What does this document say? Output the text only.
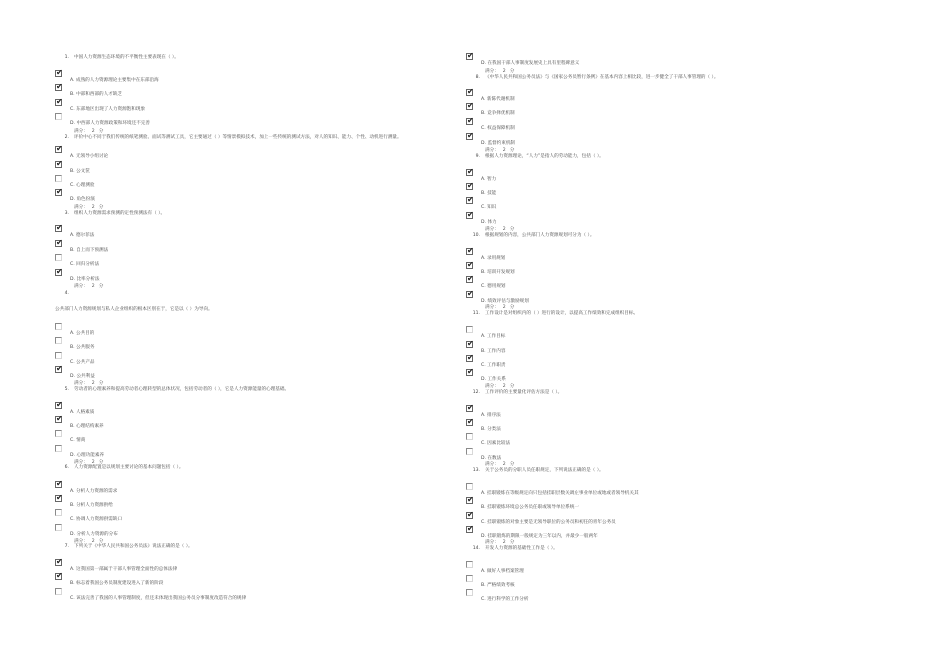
1. 中国人力资源生态环境的不平衡性主要表现在（ ）。
✔
A. 成熟的人力资源理论主要集中在东部沿海
✔
B. 中部和西部的人才缺乏
✔
C. 东部地区出现了人力资源饱和现象
D. 中西部人力资源政策和环境还不完善
满分： 2 分
2. 评价中心不同于我们传统的纸笔测验、面试等测试工具，它主要通过（ ）等情景模拟技术，加上一些传统的测试方法，对人的知识、能力、个性、动机进行测量。
✔
A. 无领导小组讨论
✔
B. 公文筐
C. 心理测验
✔
D. 角色扮演
满分： 2 分
3. 组织人力资源需求预测的定性预测法有（ ）。
✔
A. 德尔菲法
✔
B. 自上而下预测法
C. 回归分析法
✔
D. 比率分析法
满分： 2 分
4.
公共部门人力资源规划与私人企业组织的根本区别在于，它是以（ ）为导向。
A. 公共目的
B. 公共服务
C. 公共产品
✔
D. 公共利益
满分： 2 分
5. 劳动者的心理素养和提高劳动者心理转型的总体状况，包括劳动者的（ ），它是人力资源能量的心理基础。
✔
A. 人格素质
✔
B. 心理结构素养
C. 情商
D. 心理功能素养
满分： 2 分
6. 人力资源配置是以规划主要讨论的基本问题包括（ ）。
✔
A. 分析人力资源的需求
✔
B. 分析人力资源供给
C. 协调人力资源供需缺口
D. 分析人力资源的分布
满分： 2 分
7. 下列关于《中华人民共和国公务员法》说法正确的是（ ）。
✔
A. 这我国第一部属于干部人事管理全面性的总体法律
✔
B. 标志着我国公务员制度建设进入了新的阶段
C. 该法完善了我国的人事管理制度，但还未体现出我国公务员分事制度改造符合的规律
✔
D. 在我国干部人事制度发展史上具有里程碑意义
满分： 2 分
8. 《中华人民共和国公务员法》与《国家公务员暂行条例》在基本内容上相比较，进一步健全了干部人事管理的（ ）。
✔
A. 新陈代谢机制
✔
B. 竞争择优机制
✔
C. 权益保障机制
✔
D. 监督约束机制
满分： 2 分
9. 根据人力资源理论，“人力”是指人的劳动能力，包括（ ）。
✔
A. 智力
✔
B. 技能
✔
C. 知识
✔
D. 体力
满分： 2 分
10. 根据规划的内容，公共部门人力资源规划可分为（ ）。
✔
A. 录用规划
✔
B. 培训开发规划
✔
C. 德用规划
✔
D. 绩效评估与激励规划
满分： 2 分
11. 工作设计是对组织内的（ ）进行的设计，以提高工作绩效和完成组织目标。
A. 工作目标
✔
B. 工作内容
✔
C. 工作职责
✔
D. 工作关系
满分： 2 分
12. 工作评价的主要量化评估方法是（ ）。
✔
A. 排序法
✔
B. 分类法
C. 因素比较法
D. 在数法
满分： 2 分
13. 关于公务员的分职人员任职规定，下列说法正确的是（ ）。
A. 挂职锻炼在等级规定向只包括挂职层数关调左事业单位或地或者领导机关其
✔
B. 挂职锻炼环境总公务员任职或领导单位系统一
✔
C. 挂职锻炼的对象主要是无领导职位的公务员和初任的青年公务员
✔
D. 挂职锻炼的期限一般规定为三年以内，并最少一般两年
满分： 2 分
14. 开发人力资源的基础性工作是（ ）。
A. 做好人事档案管理
B. 严格绩效考核
C. 进行科学的工作分析
